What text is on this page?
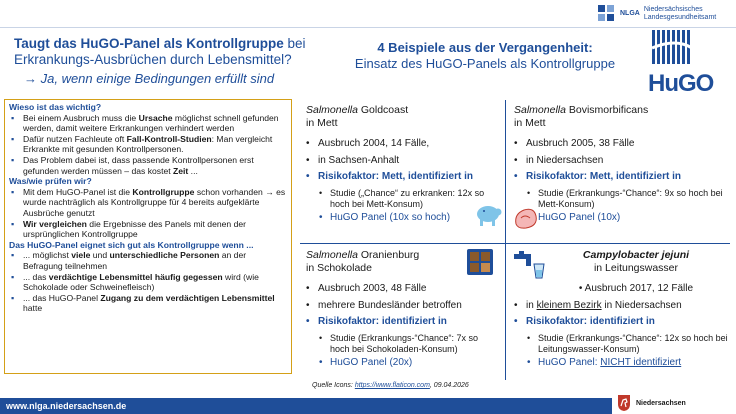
NLGA
Niedersächsisches
Landesgesundheitsamt
Taugt das HuGO-Panel als Kontrollgruppe bei Erkrankungs-Ausbrüchen durch Lebensmittel?
→ Ja, wenn einige Bedingungen erfüllt sind
4 Beispiele aus der Vergangenheit:
Einsatz des HuGO-Panels als Kontrollgruppe
HuGO
Wieso ist das wichtig?
▪ Bei einem Ausbruch muss die Ursache möglichst schnell gefunden werden, damit weitere Erkrankungen verhindert werden
▪ Dafür nutzen Fachleute oft Fall-Kontroll-Studien: Man vergleicht Erkrankte mit gesunden Kontrollpersonen.
▪ Das Problem dabei ist, dass passende Kontrollpersonen erst gefunden werden müssen – das kostet Zeit ...
Was/wie prüfen wir?
▪ Mit dem HuGO-Panel ist die Kontrollgruppe schon vorhanden → es wurde nachträglich als Kontrollgruppe für 4 bereits aufgeklärte Ausbrüche genutzt
▪ Wir vergleichen die Ergebnisse des Panels mit denen der ursprünglichen Kontrollgruppe
Das HuGO-Panel eignet sich gut als Kontrollgruppe wenn ...
▪ ... möglichst viele und unterschiedliche Personen an der Befragung teilnehmen
▪ ... das verdächtige Lebensmittel häufig gegessen wird (wie Schokolade oder Schweinefleisch)
▪ ... das HuGO-Panel Zugang zu dem verdächtigen Lebensmittel hatte
Salmonella Goldcoast
in Mett
• Ausbruch 2004, 14 Fälle,
• in Sachsen-Anhalt
• Risikofaktor: Mett, identifiziert in
• Studie („Chance“ zu erkranken: 12x so hoch bei Mett-Konsum)
• HuGO Panel (10x so hoch)
Salmonella Bovismorbificans
in Mett
• Ausbruch 2005, 38 Fälle
• in Niedersachsen
• Risikofaktor: Mett, identifiziert in
• Studie (Erkrankungs-“Chance“: 9x so hoch bei Mett-Konsum)
HuGO Panel (10x)
Salmonella Oranienburg
in Schokolade
• Ausbruch 2003, 48 Fälle
• mehrere Bundesländer betroffen
• Risikofaktor: identifiziert in
• Studie (Erkrankungs-“Chance“: 7x so hoch bei Schokoladen-Konsum)
• HuGO Panel (20x)
Campylobacter jejuni
in Leitungswasser
• Ausbruch 2017, 12 Fälle
• in kleinem Bezirk in Niedersachsen
• Risikofaktor: identifiziert in
• Studie (Erkrankungs-“Chance“: 12x so hoch bei Leitungswasser-Konsum)
• HuGO Panel: NICHT identifiziert
Quelle Icons: https://www.flaticon.com, 09.04.2026
www.nlga.niedersachsen.de	Niedersachsen
